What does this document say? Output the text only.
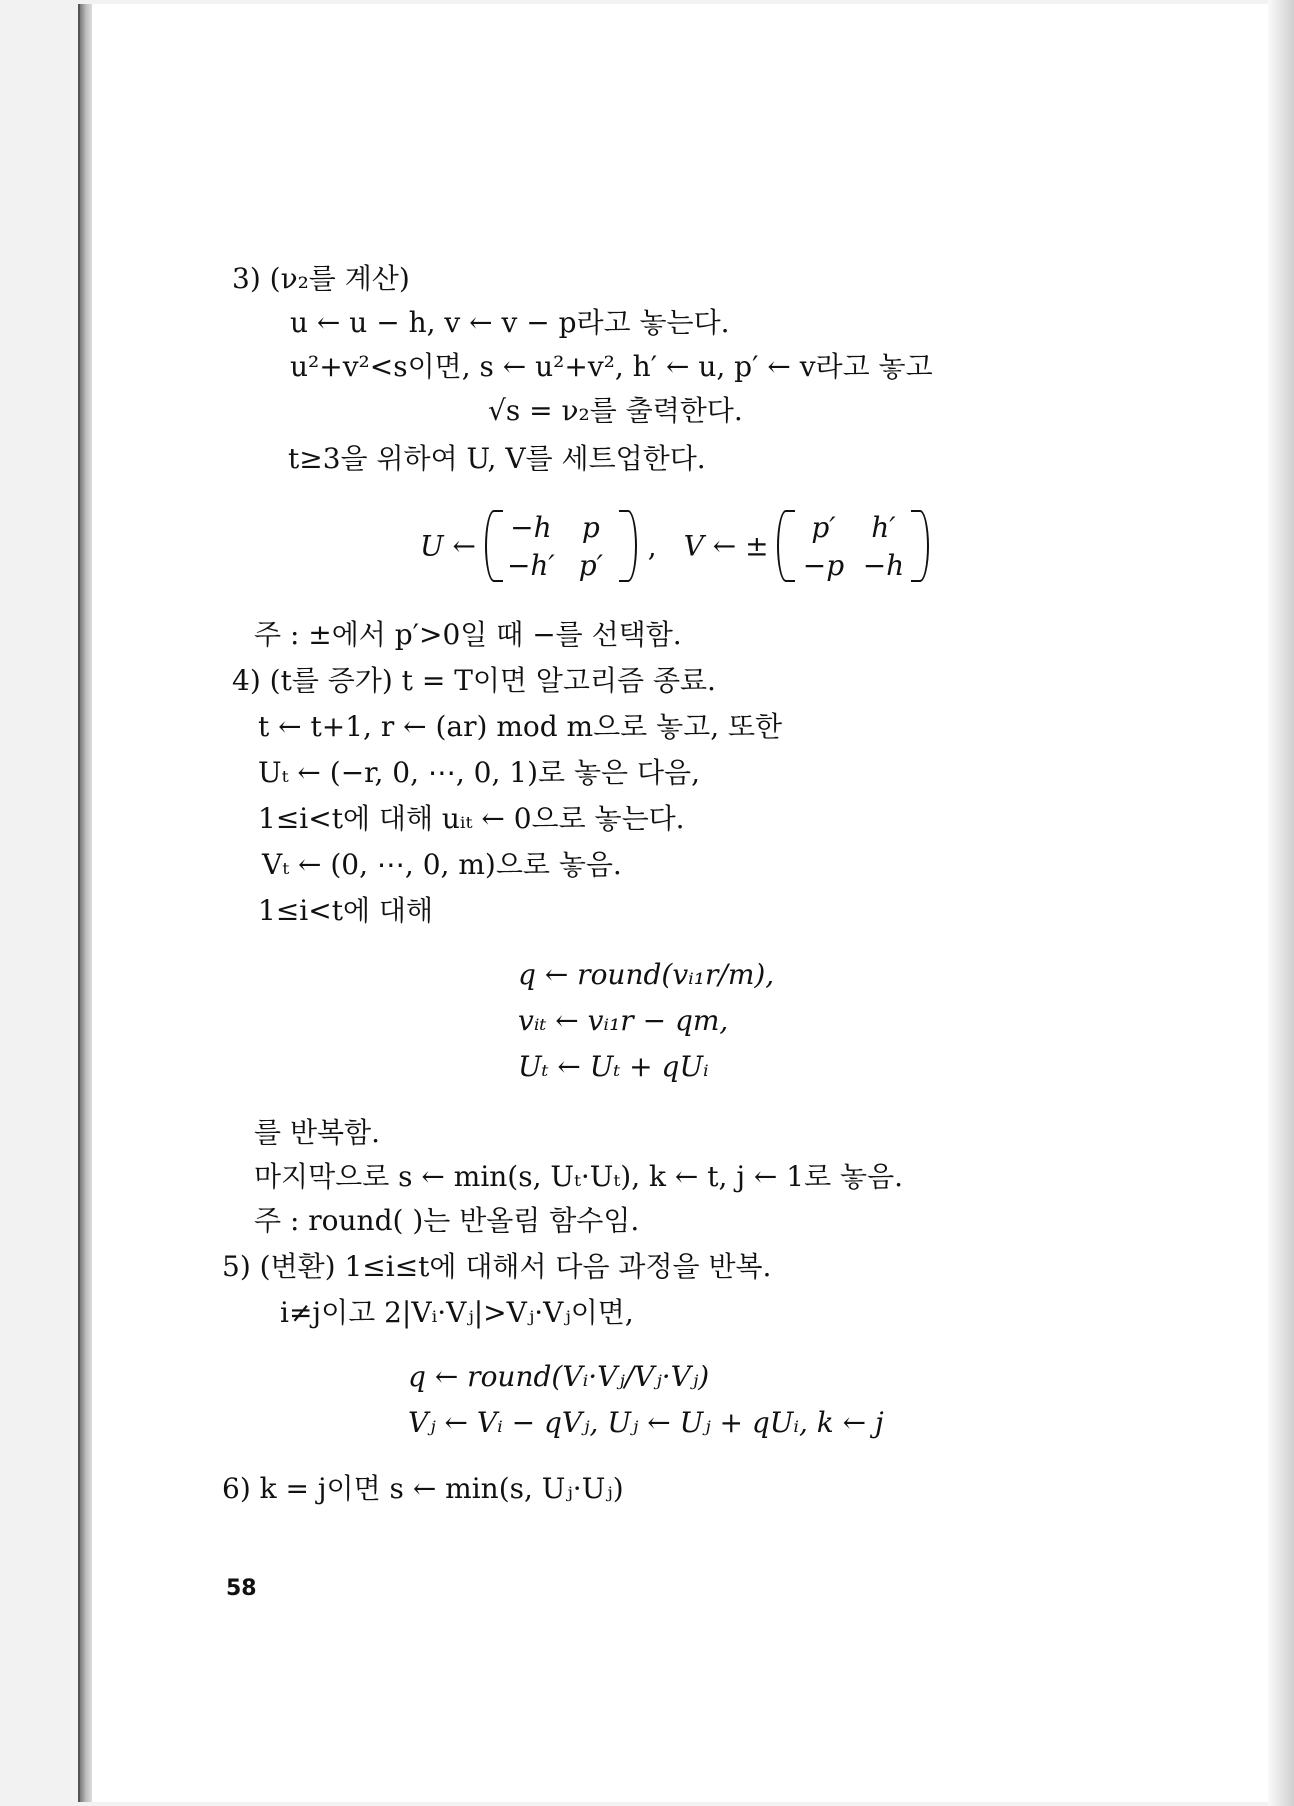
3) (ν₂를 계산)
u ← u − h, v ← v − p라고 놓는다.
u²+v²<s이면, s ← u²+v², h′ ← u, p′ ← v라고 놓고
√s = ν₂를 출력한다.
t≥3을 위하여 U, V를 세트업한다.
U ←
−h	p
−h′ p′
, V ← ±
p′	h′
−p −h
주 : ±에서 p′>0일 때 −를 선택함.
4) (t를 증가) t = T이면 알고리즘 종료.
t ← t+1, r ← (ar) mod m으로 놓고, 또한
Uₜ ← (−r, 0, ⋯, 0, 1)로 놓은 다음,
1≤i<t에 대해 uᵢₜ ← 0으로 놓는다.
Vₜ ← (0, ⋯, 0, m)으로 놓음.
1≤i<t에 대해
q ← round(vᵢ₁r/m),
vᵢₜ ← vᵢ₁r − qm,
Uₜ ← Uₜ + qUᵢ
를 반복함.
마지막으로 s ← min(s, Uₜ·Uₜ), k ← t, j ← 1로 놓음.
주 : round( )는 반올림 함수임.
5) (변환) 1≤i≤t에 대해서 다음 과정을 반복.
i≠j이고 2|Vᵢ·Vⱼ|>Vⱼ·Vⱼ이면,
q ← round(Vᵢ·Vⱼ/Vⱼ·Vⱼ)
Vⱼ ← Vᵢ − qVⱼ, Uⱼ ← Uⱼ + qUᵢ, k ← j
6) k = j이면 s ← min(s, Uⱼ·Uⱼ)
58
